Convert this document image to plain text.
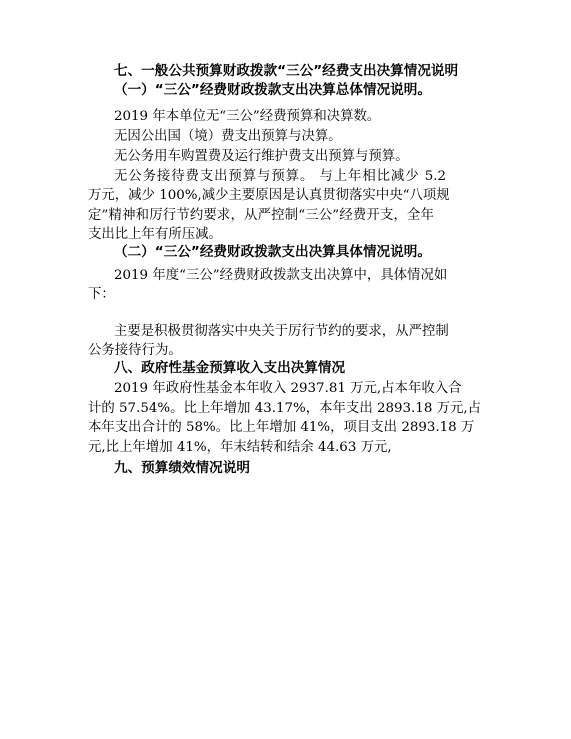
七、一般公共预算财政拨款“三公”经费支出决算情况说明
（一）“三公”经费财政拨款支出决算总体情况说明。
2019 年本单位无“三公”经费预算和决算数。
无因公出国（境）费支出预算与决算。
无公务用车购置费及运行维护费支出预算与预算。
无公务接待费支出预算与预算。 与上年相比减少 5.2
万元，减少 100%,减少主要原因是认真贯彻落实中央“八项规
定”精神和厉行节约要求，从严控制“三公”经费开支，全年
支出比上年有所压减。
（二）“三公”经费财政拨款支出决算具体情况说明。
2019 年度“三公”经费财政拨款支出决算中，具体情况如
下：
主要是积极贯彻落实中央关于厉行节约的要求，从严控制
公务接待行为。
八、政府性基金预算收入支出决算情况
2019 年政府性基金本年收入 2937.81 万元,占本年收入合
计的 57.54%。比上年增加 43.17%，本年支出 2893.18 万元,占
本年支出合计的 58%。比上年增加 41%，项目支出 2893.18 万
元,比上年增加 41%，年末结转和结余 44.63 万元,
九、预算绩效情况说明
